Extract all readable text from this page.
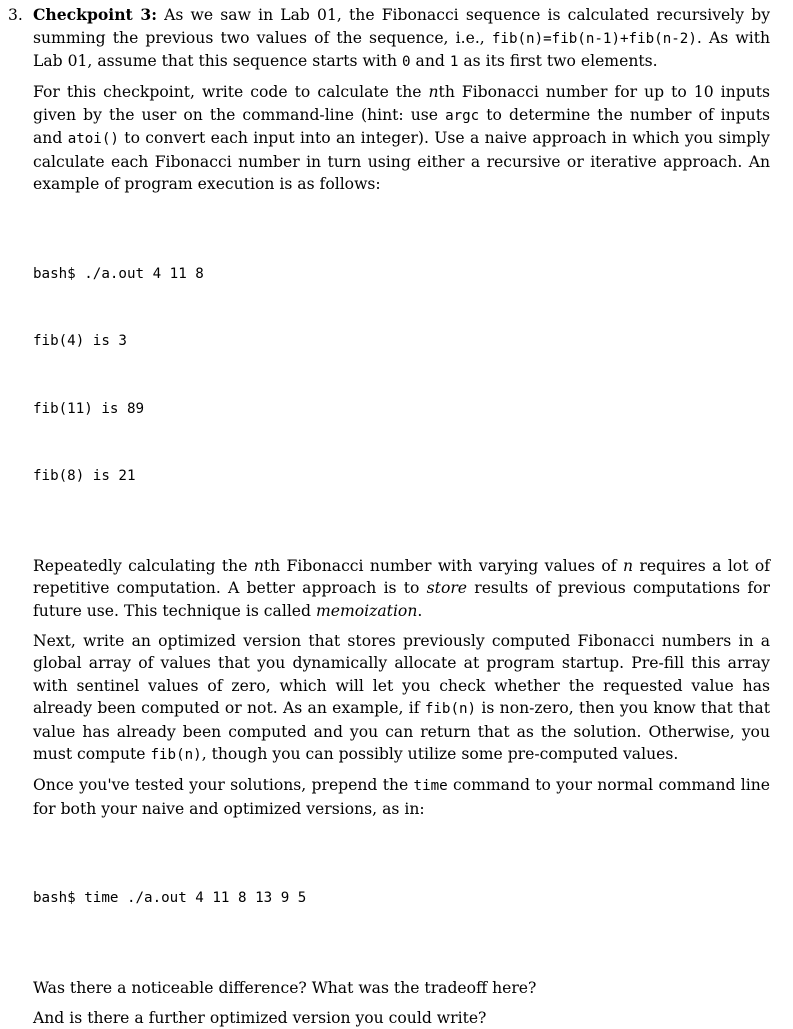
3. Checkpoint 3: As we saw in Lab 01, the Fibonacci sequence is calculated recursively by summing the previous two values of the sequence, i.e., fib(n)=fib(n-1)+fib(n-2). As with Lab 01, assume that this sequence starts with 0 and 1 as its first two elements.

For this checkpoint, write code to calculate the nth Fibonacci number for up to 10 inputs given by the user on the command-line (hint: use argc to determine the number of inputs and atoi() to convert each input into an integer). Use a naive approach in which you simply calculate each Fibonacci number in turn using either a recursive or iterative approach. An example of program execution is as follows:

bash$ ./a.out 4 11 8

fib(4) is 3

fib(11) is 89

fib(8) is 21

Repeatedly calculating the nth Fibonacci number with varying values of n requires a lot of repetitive computation. A better approach is to store results of previous computations for future use. This technique is called memoization.

Next, write an optimized version that stores previously computed Fibonacci numbers in a global array of values that you dynamically allocate at program startup. Pre-fill this array with sentinel values of zero, which will let you check whether the requested value has already been computed or not. As an example, if fib(n) is non-zero, then you know that that value has already been computed and you can return that as the solution. Otherwise, you must compute fib(n), though you can possibly utilize some pre-computed values.

Once you've tested your solutions, prepend the time command to your normal command line for both your naive and optimized versions, as in:

bash$ time ./a.out 4 11 8 13 9 5

Was there a noticeable difference? What was the tradeoff here?

And is there a further optimized version you could write?
